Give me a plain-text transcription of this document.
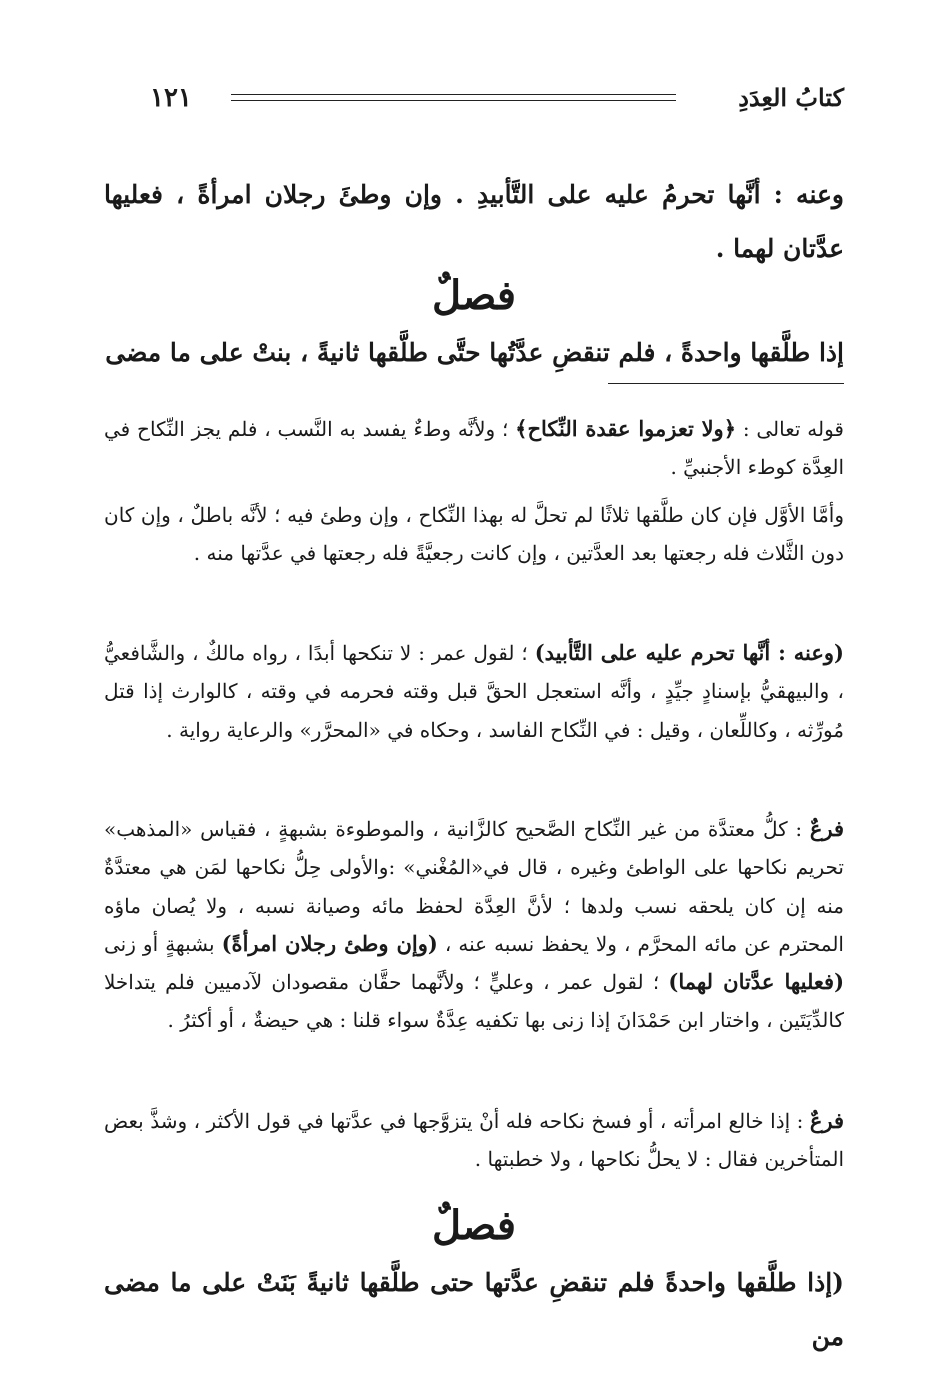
كتابُ العِدَدِ
١٢١

وعنه : أنَّها تحرمُ عليه على التَّأبيدِ . وإن وطئَ رجلان امرأةً ، فعليها عدَّتان لهما .

فصلٌ

إذا طلَّقها واحدةً ، فلم تنقضِ عدَّتُها حتَّى طلَّقها ثانيةً ، بنتْ على ما مضى

قوله تعالى : ﴿ولا تعزموا عقدة النِّكاح﴾ ؛ ولأنَّه وطءٌ يفسد به النَّسب ، فلم يجز النِّكاح في العِدَّة كوطء الأجنبيِّ .

وأمَّا الأوَّل فإن كان طلَّقها ثلاثًا لم تحلَّ له بهذا النِّكاح ، وإن وطئ فيه ؛ لأنَّه باطلٌ ، وإن كان دون الثَّلاث فله رجعتها بعد العدَّتين ، وإن كانت رجعيَّةً فله رجعتها في عدَّتها منه .

(وعنه : أنَّها تحرم عليه على التَّأبيد) ؛ لقول عمر : لا تنكحها أبدًا ، رواه مالكٌ ، والشَّافعيُّ ، والبيهقيُّ بإسنادٍ جيِّدٍ ، وأنَّه استعجل الحقَّ قبل وقته فحرمه في وقته ، كالوارث إذا قتل مُورِّثه ، وكاللِّعان ، وقيل : في النِّكاح الفاسد ، وحكاه في «المحرَّر» والرعاية رواية .

فرعٌ : كلُّ معتدَّة من غير النِّكاح الصَّحيح كالزَّانية ، والموطوءة بشبهةٍ ، فقياس «المذهب» تحريم نكاحها على الواطئ وغيره ، قال في«المُغْني» :والأولى حِلُّ نكاحها لمَن هي معتدَّةٌ منه إن كان يلحقه نسب ولدها ؛ لأنَّ العِدَّة لحفظ مائه وصيانة نسبه ، ولا يُصان ماؤه المحترم عن مائه المحرَّم ، ولا يحفظ نسبه عنه ، (وإن وطئ رجلان امرأةً) بشبهةٍ أو زنى (فعليها عدَّتان لهما) ؛ لقول عمر ، وعليٍّ ؛ ولأنَّهما حقَّان مقصودان لآدميين فلم يتداخلا كالدِّيَتَين ، واختار ابن حَمْدَانَ إذا زنى بها تكفيه عِدَّةٌ سواء قلنا : هي حيضةٌ ، أو أكثرُ .

فرعٌ : إذا خالع امرأته ، أو فسخ نكاحه فله أنْ يتزوَّجها في عدَّتها في قول الأكثر ، وشذَّ بعض المتأخرين فقال : لا يحلُّ نكاحها ، ولا خطبتها .

فصلٌ

(إذا طلَّقها واحدةً فلم تنقضِ عدَّتها حتى طلَّقها ثانيةً بَنَتْ على ما مضى من
